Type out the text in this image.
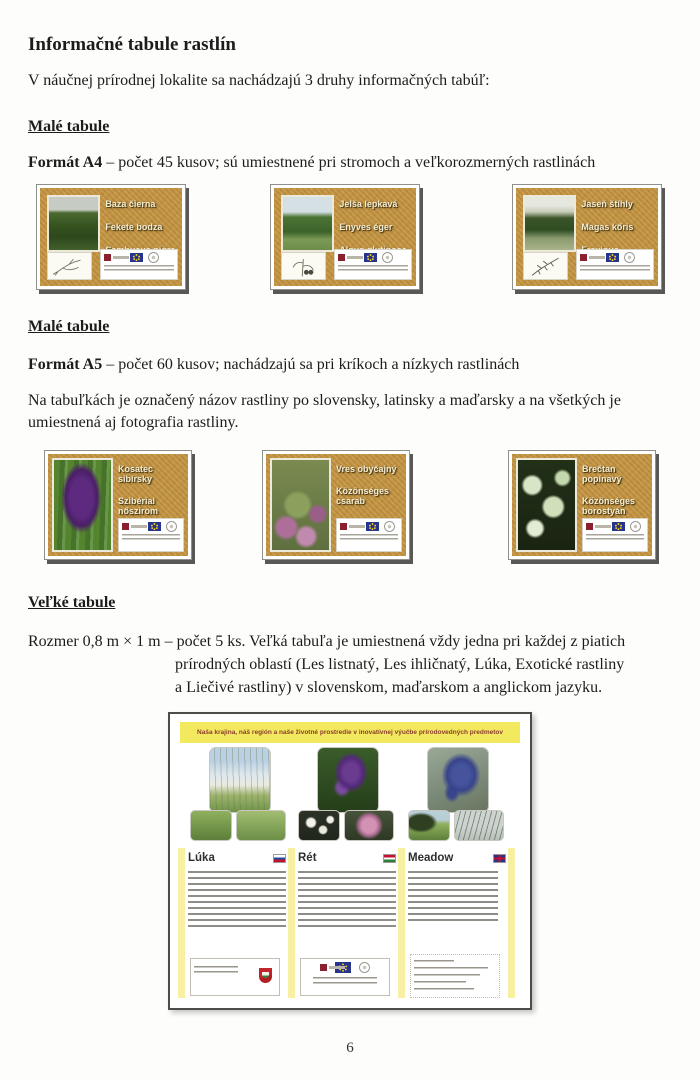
Informačné tabule rastlín
V náučnej prírodnej lokalite sa nachádzajú 3 druhy informačných tabúľ:
Malé tabule
Formát A4 – počet 45 kusov; sú umiestnené pri stromoch a veľkorozmerných rastlinách
Baza čierna
Fekete bodza
Jelša lepkavá
Enyves éger
Jaseň štíhly
Magas kőris
Malé tabule
Formát A5 – počet 60 kusov; nachádzajú sa pri kríkoch a nízkych rastlinách
Na tabuľkách je označený názov rastliny po slovensky, latinsky a maďarsky a na všetkých je umiestnená aj fotografia rastliny.
Kosatec sibírsky
Szibériai nőszirom
Vres obyčajný
Közönséges csarab
Brečtan popínavý
Közönséges borostyán
Veľké tabule
Rozmer 0,8 m × 1 m – počet 5 ks. Veľká tabuľa je umiestnená vždy jedna pri každej z piatich
prírodných oblastí (Les listnatý, Les ihličnatý, Lúka, Exotické rastliny
a Liečivé rastliny) v slovenskom, maďarskom a anglickom jazyku.
Naša krajina, náš región a naše životné prostredie v inovatívnej výučbe prírodovedných predmetov
Lúka	Rét	Meadow
6
